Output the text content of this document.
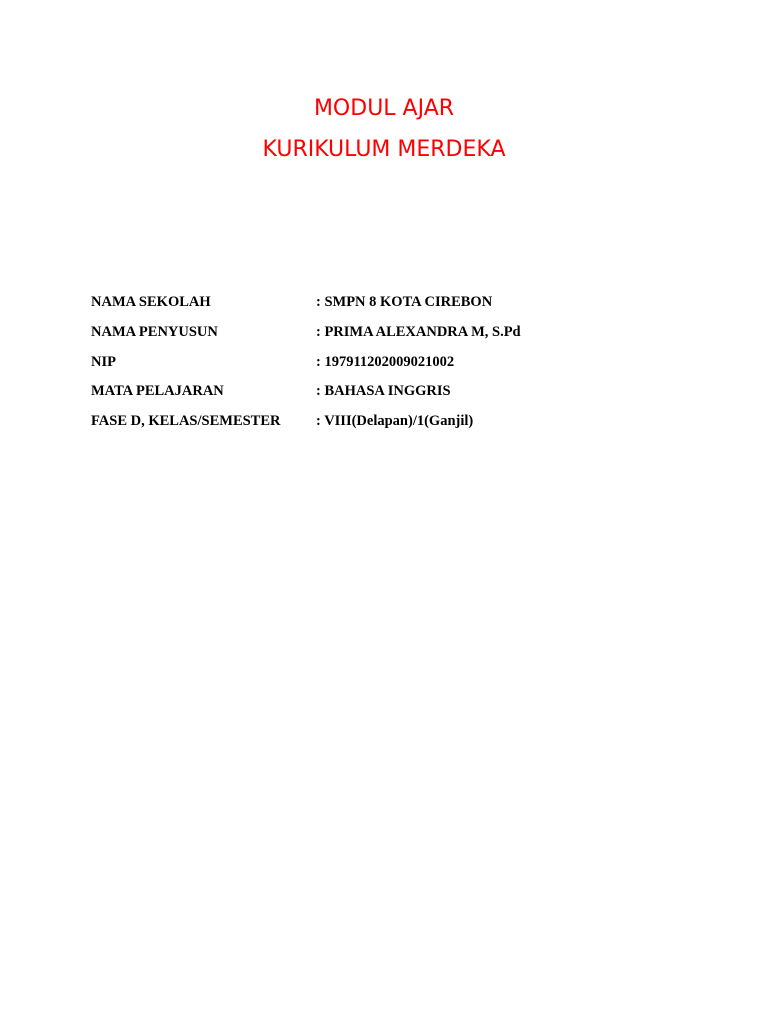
MODUL AJAR
KURIKULUM MERDEKA
NAMA SEKOLAH	: SMPN 8 KOTA CIREBON
NAMA PENYUSUN	: PRIMA ALEXANDRA M, S.Pd
NIP	: 197911202009021002
MATA PELAJARAN	: BAHASA INGGRIS
FASE D, KELAS/SEMESTER	: VIII(Delapan)/1(Ganjil)
